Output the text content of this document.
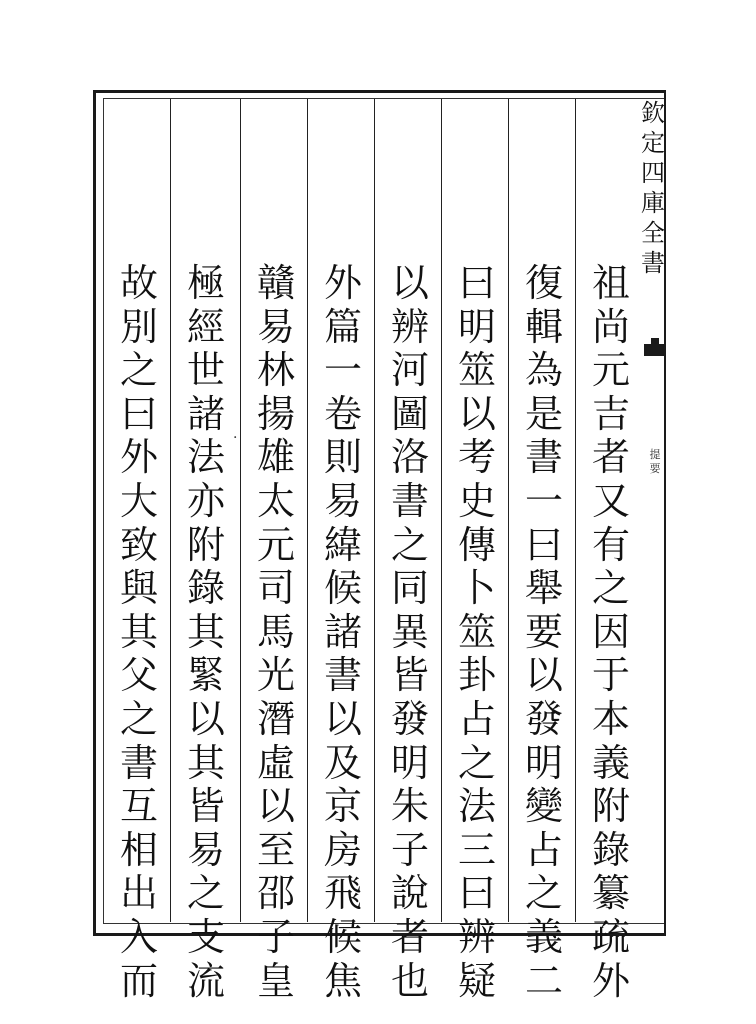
欽
定
四
庫
全
書
提
要
·
祖
尚
元
吉
者
又
有
之
因
于
本
義
附
錄
纂
疏
外
復
輯
為
是
書
一
曰
舉
要
以
發
明
變
占
之
義
二
曰
明
筮
以
考
史
傳
卜
筮
卦
占
之
法
三
曰
辨
疑
以
辨
河
圖
洛
書
之
同
異
皆
發
明
朱
子
說
者
也
外
篇
一
卷
則
易
緯
候
諸
書
以
及
京
房
飛
候
焦
贛
易
林
揚
雄
太
元
司
馬
光
潛
虛
以
至
邵
子
皇
極
經
世
諸
法
亦
附
錄
其
緊
以
其
皆
易
之
支
流
故
別
之
曰
外
大
致
與
其
父
之
書
互
相
出
入
而
